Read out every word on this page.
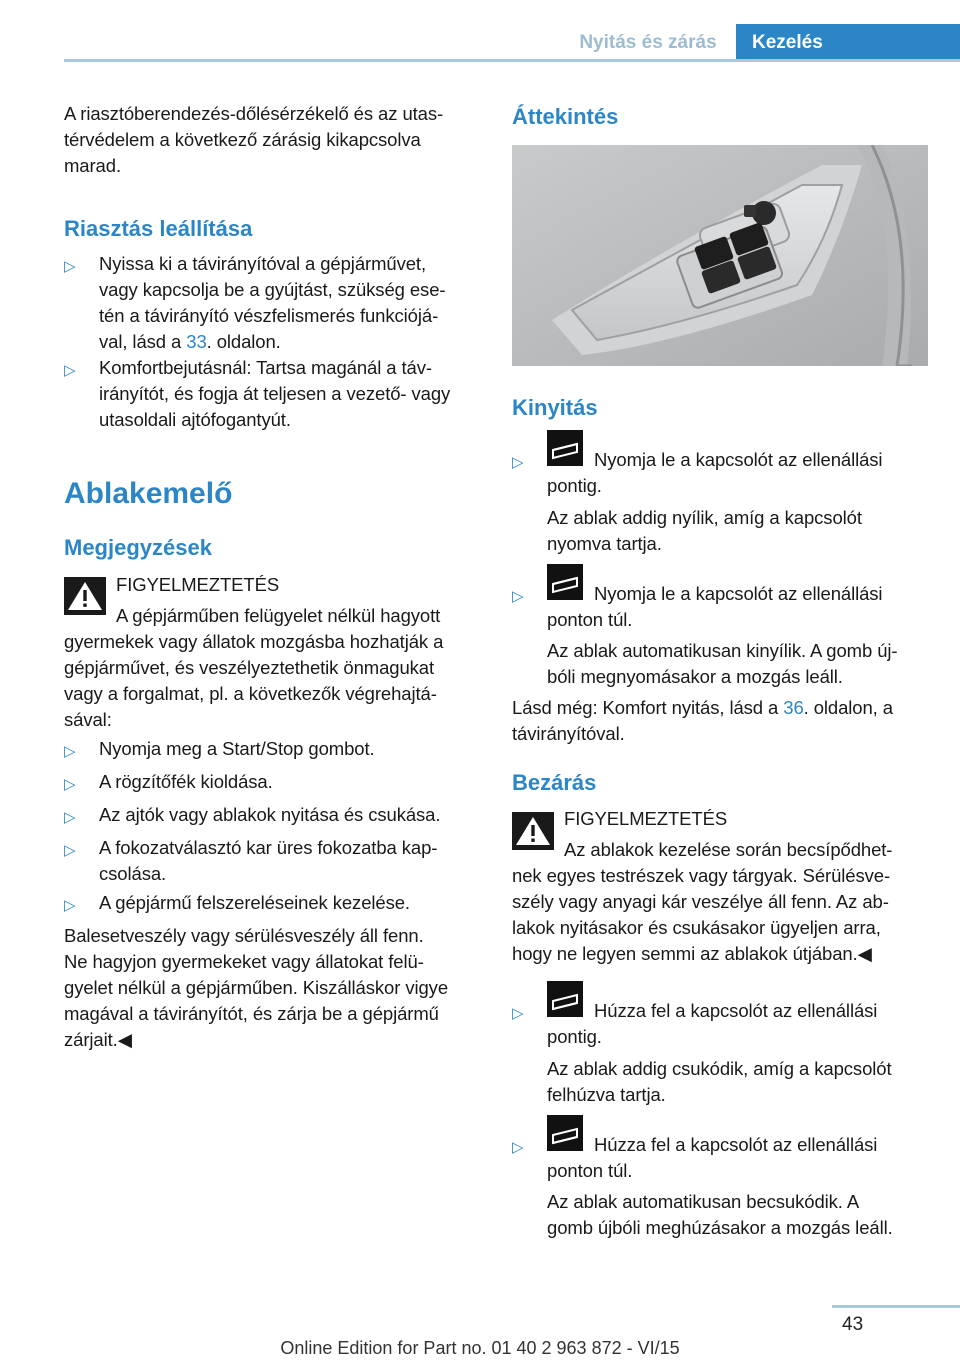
Nyitás és zárás	Kezelés
A riasztóberendezés-dőlésérzékelő és az utas‐
térvédelem a következő zárásig kikapcsolva
marad.
Riasztás leállítása
▷ Nyissa ki a távirányítóval a gépjárművet,
vagy kapcsolja be a gyújtást, szükség ese‐
tén a távirányító vészfelismerés funkciójá‐
val, lásd a 33. oldalon.
▷ Komfortbejutásnál: Tartsa magánál a táv‐
irányítót, és fogja át teljesen a vezető- vagy
utasoldali ajtófogantyút.
Ablakemelő
Megjegyzések
FIGYELMEZTETÉS
A gépjárműben felügyelet nélkül hagyott
gyermekek vagy állatok mozgásba hozhatják a
gépjárművet, és veszélyeztethetik önmagukat
vagy a forgalmat, pl. a következők végrehajtá‐
sával:
▷ Nyomja meg a Start/Stop gombot.
▷ A rögzítőfék kioldása.
▷ Az ajtók vagy ablakok nyitása és csukása.
▷ A fokozatválasztó kar üres fokozatba kap‐
csolása.
▷ A gépjármű felszereléseinek kezelése.
Balesetveszély vagy sérülésveszély áll fenn.
Ne hagyjon gyermekeket vagy állatokat felü‐
gyelet nélkül a gépjárműben. Kiszálláskor vigye
magával a távirányítót, és zárja be a gépjármű
zárjait.◀
Áttekintés
Kinyitás
▷	Nyomja le a kapcsolót az ellenállási
pontig.
Az ablak addig nyílik, amíg a kapcsolót
nyomva tartja.
▷	Nyomja le a kapcsolót az ellenállási
ponton túl.
Az ablak automatikusan kinyílik. A gomb új‐
bóli megnyomásakor a mozgás leáll.
Lásd még: Komfort nyitás, lásd a 36. oldalon, a
távirányítóval.
Bezárás
FIGYELMEZTETÉS
Az ablakok kezelése során becsípődhet‐
nek egyes testrészek vagy tárgyak. Sérülésve‐
szély vagy anyagi kár veszélye áll fenn. Az ab‐
lakok nyitásakor és csukásakor ügyeljen arra,
hogy ne legyen semmi az ablakok útjában.◀
▷	Húzza fel a kapcsolót az ellenállási
pontig.
Az ablak addig csukódik, amíg a kapcsolót
felhúzva tartja.
▷	Húzza fel a kapcsolót az ellenállási
ponton túl.
Az ablak automatikusan becsukódik. A
gomb újbóli meghúzásakor a mozgás leáll.
43
Online Edition for Part no. 01 40 2 963 872 - VI/15
